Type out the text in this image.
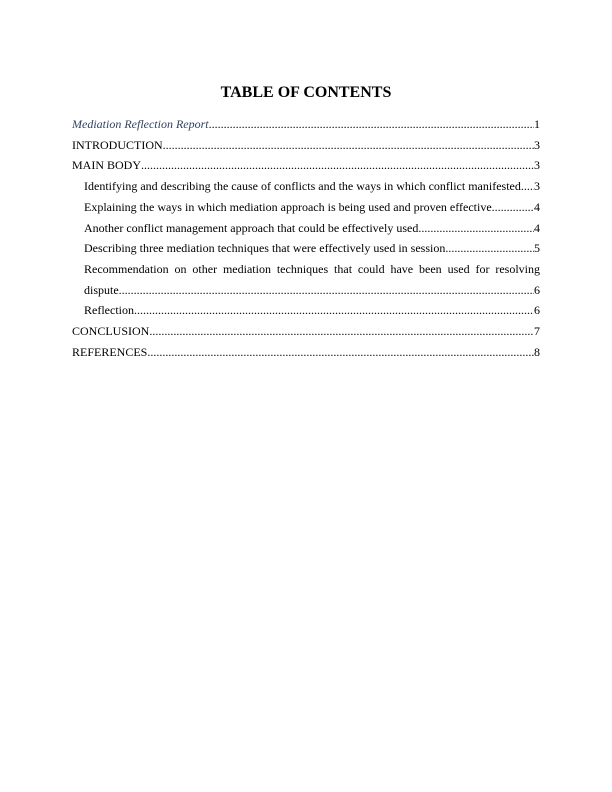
TABLE OF CONTENTS
Mediation Reflection Report .....	1
INTRODUCTION .....	3
MAIN BODY .....	3
Identifying and describing the cause of conflicts and the ways in which conflict manifested ..... 3
Explaining the ways in which mediation approach is being used and proven effective .....	4
Another conflict management approach that could be effectively used .....	4
Describing three mediation techniques that were effectively used in session .....	5
Recommendation on other mediation techniques that could have been used for resolving
dispute .....	6
Reflection .....	6
CONCLUSION .....	7
REFERENCES .....	8
